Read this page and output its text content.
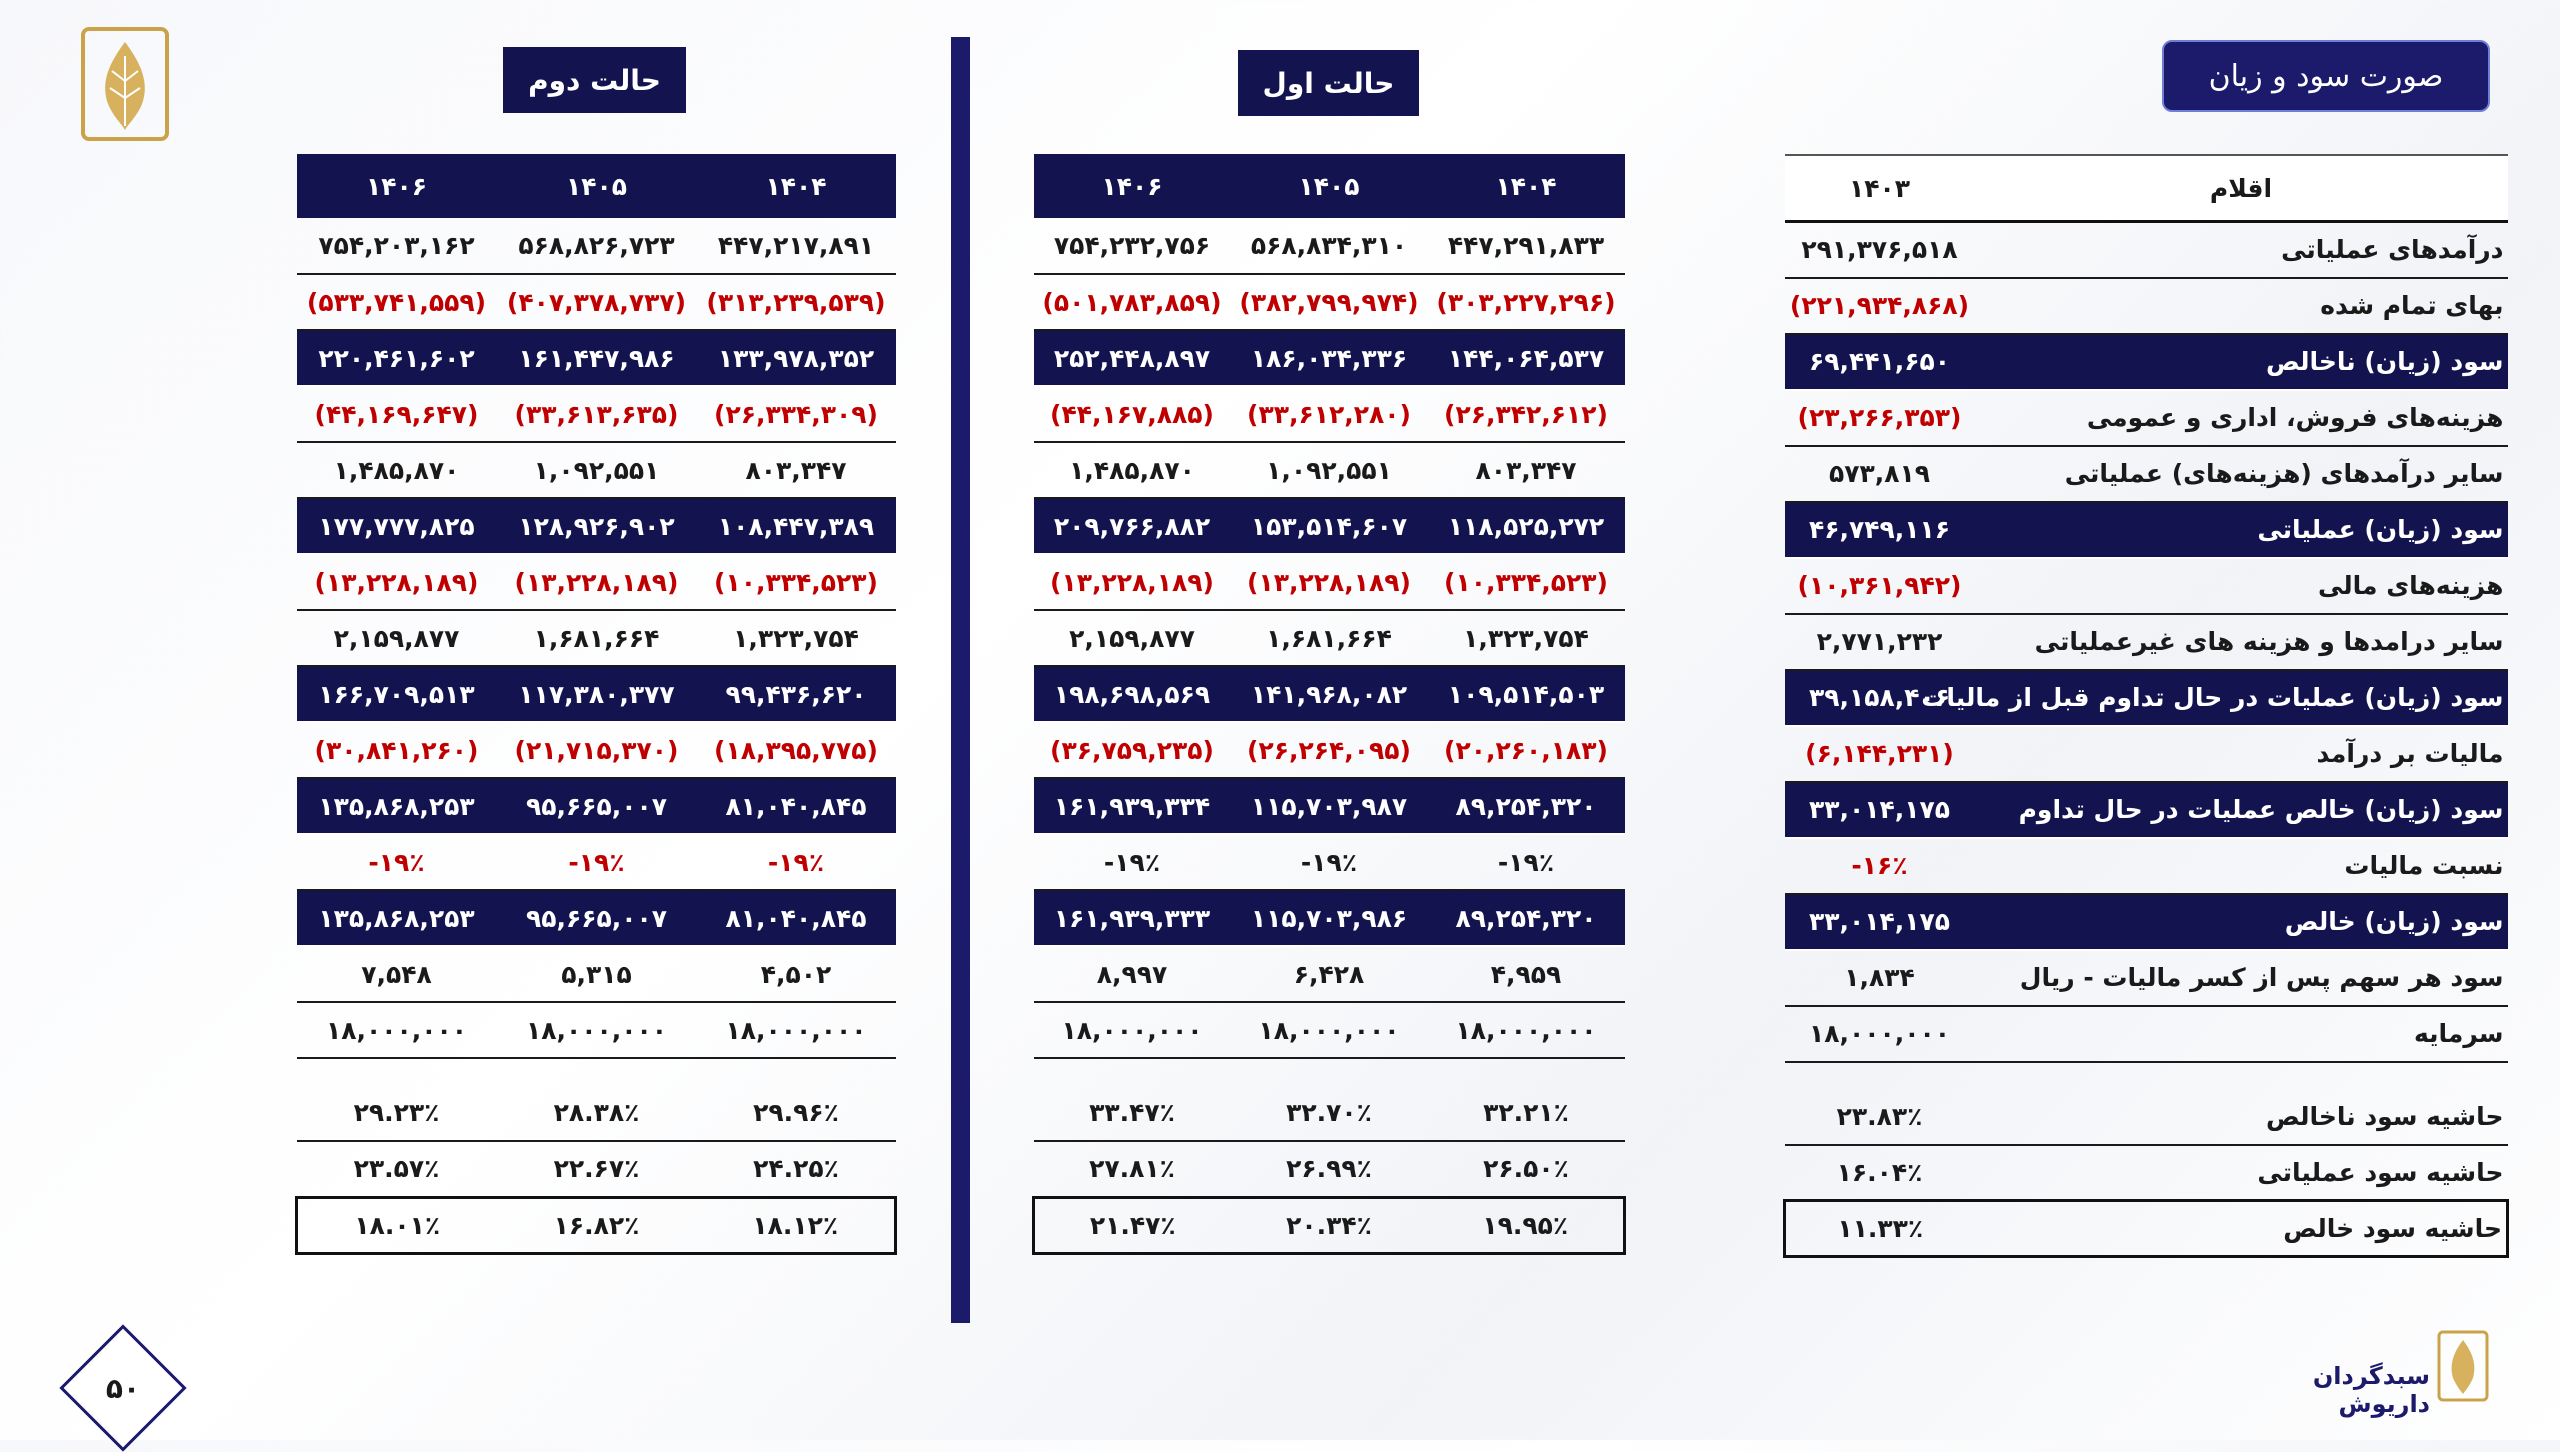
صورت سود و زیان
حالت دوم	حالت اول
۱۴۰۳	اقلام
۲۹۱,۳۷۶,۵۱۸	درآمدهای عملیاتی
(۲۲۱,۹۳۴,۸۶۸)	بهای تمام شده
۶۹,۴۴۱,۶۵۰	سود (زیان) ناخالص
(۲۳,۲۶۶,۳۵۳)	هزینه‌های فروش، اداری و عمومی
۵۷۳,۸۱۹	سایر درآمدهای (هزینه‌های) عملیاتی
۴۶,۷۴۹,۱۱۶	سود (زیان) عملیاتی
(۱۰,۳۶۱,۹۴۲)	هزینه‌های مالی
۲,۷۷۱,۲۳۲	سایر درامدها و هزینه های غیرعملیاتی
۳۹,۱۵۸,۴۰۶	سود (زیان) عملیات در حال تداوم قبل از مالیات
(۶,۱۴۴,۲۳۱)	مالیات بر درآمد
۳۳,۰۱۴,۱۷۵	سود (زیان) خالص عملیات در حال تداوم
-۱۶٪	نسبت مالیات
۳۳,۰۱۴,۱۷۵	سود (زیان) خالص
۱,۸۳۴	سود هر سهم پس از کسر مالیات - ریال
۱۸,۰۰۰,۰۰۰	سرمایه

۲۳.۸۳٪	حاشیه سود ناخالص
۱۶.۰۴٪	حاشیه سود عملیاتی
۱۱.۳۳٪	حاشیه سود خالص
۱۴۰۶	۱۴۰۵	۱۴۰۴
۷۵۴,۲۳۲,۷۵۶	۵۶۸,۸۳۴,۳۱۰	۴۴۷,۲۹۱,۸۳۳
(۵۰۱,۷۸۳,۸۵۹)	(۳۸۲,۷۹۹,۹۷۴)	(۳۰۳,۲۲۷,۲۹۶)
۲۵۲,۴۴۸,۸۹۷	۱۸۶,۰۳۴,۳۳۶	۱۴۴,۰۶۴,۵۳۷
(۴۴,۱۶۷,۸۸۵)	(۳۳,۶۱۲,۲۸۰)	(۲۶,۳۴۲,۶۱۲)
۱,۴۸۵,۸۷۰	۱,۰۹۲,۵۵۱	۸۰۳,۳۴۷
۲۰۹,۷۶۶,۸۸۲	۱۵۳,۵۱۴,۶۰۷	۱۱۸,۵۲۵,۲۷۲
(۱۳,۲۲۸,۱۸۹)	(۱۳,۲۲۸,۱۸۹)	(۱۰,۳۳۴,۵۲۳)
۲,۱۵۹,۸۷۷	۱,۶۸۱,۶۶۴	۱,۳۲۳,۷۵۴
۱۹۸,۶۹۸,۵۶۹	۱۴۱,۹۶۸,۰۸۲	۱۰۹,۵۱۴,۵۰۳
(۳۶,۷۵۹,۲۳۵)	(۲۶,۲۶۴,۰۹۵)	(۲۰,۲۶۰,۱۸۳)
۱۶۱,۹۳۹,۳۳۴	۱۱۵,۷۰۳,۹۸۷	۸۹,۲۵۴,۳۲۰
-۱۹٪	-۱۹٪	-۱۹٪
۱۶۱,۹۳۹,۳۳۳	۱۱۵,۷۰۳,۹۸۶	۸۹,۲۵۴,۳۲۰
۸,۹۹۷	۶,۴۲۸	۴,۹۵۹
۱۸,۰۰۰,۰۰۰	۱۸,۰۰۰,۰۰۰	۱۸,۰۰۰,۰۰۰

۳۳.۴۷٪	۳۲.۷۰٪	۳۲.۲۱٪
۲۷.۸۱٪	۲۶.۹۹٪	۲۶.۵۰٪
۲۱.۴۷٪	۲۰.۳۴٪	۱۹.۹۵٪
۱۴۰۶	۱۴۰۵	۱۴۰۴
۷۵۴,۲۰۳,۱۶۲	۵۶۸,۸۲۶,۷۲۳	۴۴۷,۲۱۷,۸۹۱
(۵۳۳,۷۴۱,۵۵۹)	(۴۰۷,۳۷۸,۷۳۷)	(۳۱۳,۲۳۹,۵۳۹)
۲۲۰,۴۶۱,۶۰۲	۱۶۱,۴۴۷,۹۸۶	۱۳۳,۹۷۸,۳۵۲
(۴۴,۱۶۹,۶۴۷)	(۳۳,۶۱۳,۶۳۵)	(۲۶,۳۳۴,۳۰۹)
۱,۴۸۵,۸۷۰	۱,۰۹۲,۵۵۱	۸۰۳,۳۴۷
۱۷۷,۷۷۷,۸۲۵	۱۲۸,۹۲۶,۹۰۲	۱۰۸,۴۴۷,۳۸۹
(۱۳,۲۲۸,۱۸۹)	(۱۳,۲۲۸,۱۸۹)	(۱۰,۳۳۴,۵۲۳)
۲,۱۵۹,۸۷۷	۱,۶۸۱,۶۶۴	۱,۳۲۳,۷۵۴
۱۶۶,۷۰۹,۵۱۳	۱۱۷,۳۸۰,۳۷۷	۹۹,۴۳۶,۶۲۰
(۳۰,۸۴۱,۲۶۰)	(۲۱,۷۱۵,۳۷۰)	(۱۸,۳۹۵,۷۷۵)
۱۳۵,۸۶۸,۲۵۳	۹۵,۶۶۵,۰۰۷	۸۱,۰۴۰,۸۴۵
-۱۹٪	-۱۹٪	-۱۹٪
۱۳۵,۸۶۸,۲۵۳	۹۵,۶۶۵,۰۰۷	۸۱,۰۴۰,۸۴۵
۷,۵۴۸	۵,۳۱۵	۴,۵۰۲
۱۸,۰۰۰,۰۰۰	۱۸,۰۰۰,۰۰۰	۱۸,۰۰۰,۰۰۰

۲۹.۲۳٪	۲۸.۳۸٪	۲۹.۹۶٪
۲۳.۵۷٪	۲۲.۶۷٪	۲۴.۲۵٪
۱۸.۰۱٪	۱۶.۸۲٪	۱۸.۱۲٪
۵۰	سبدگردان داریوش
